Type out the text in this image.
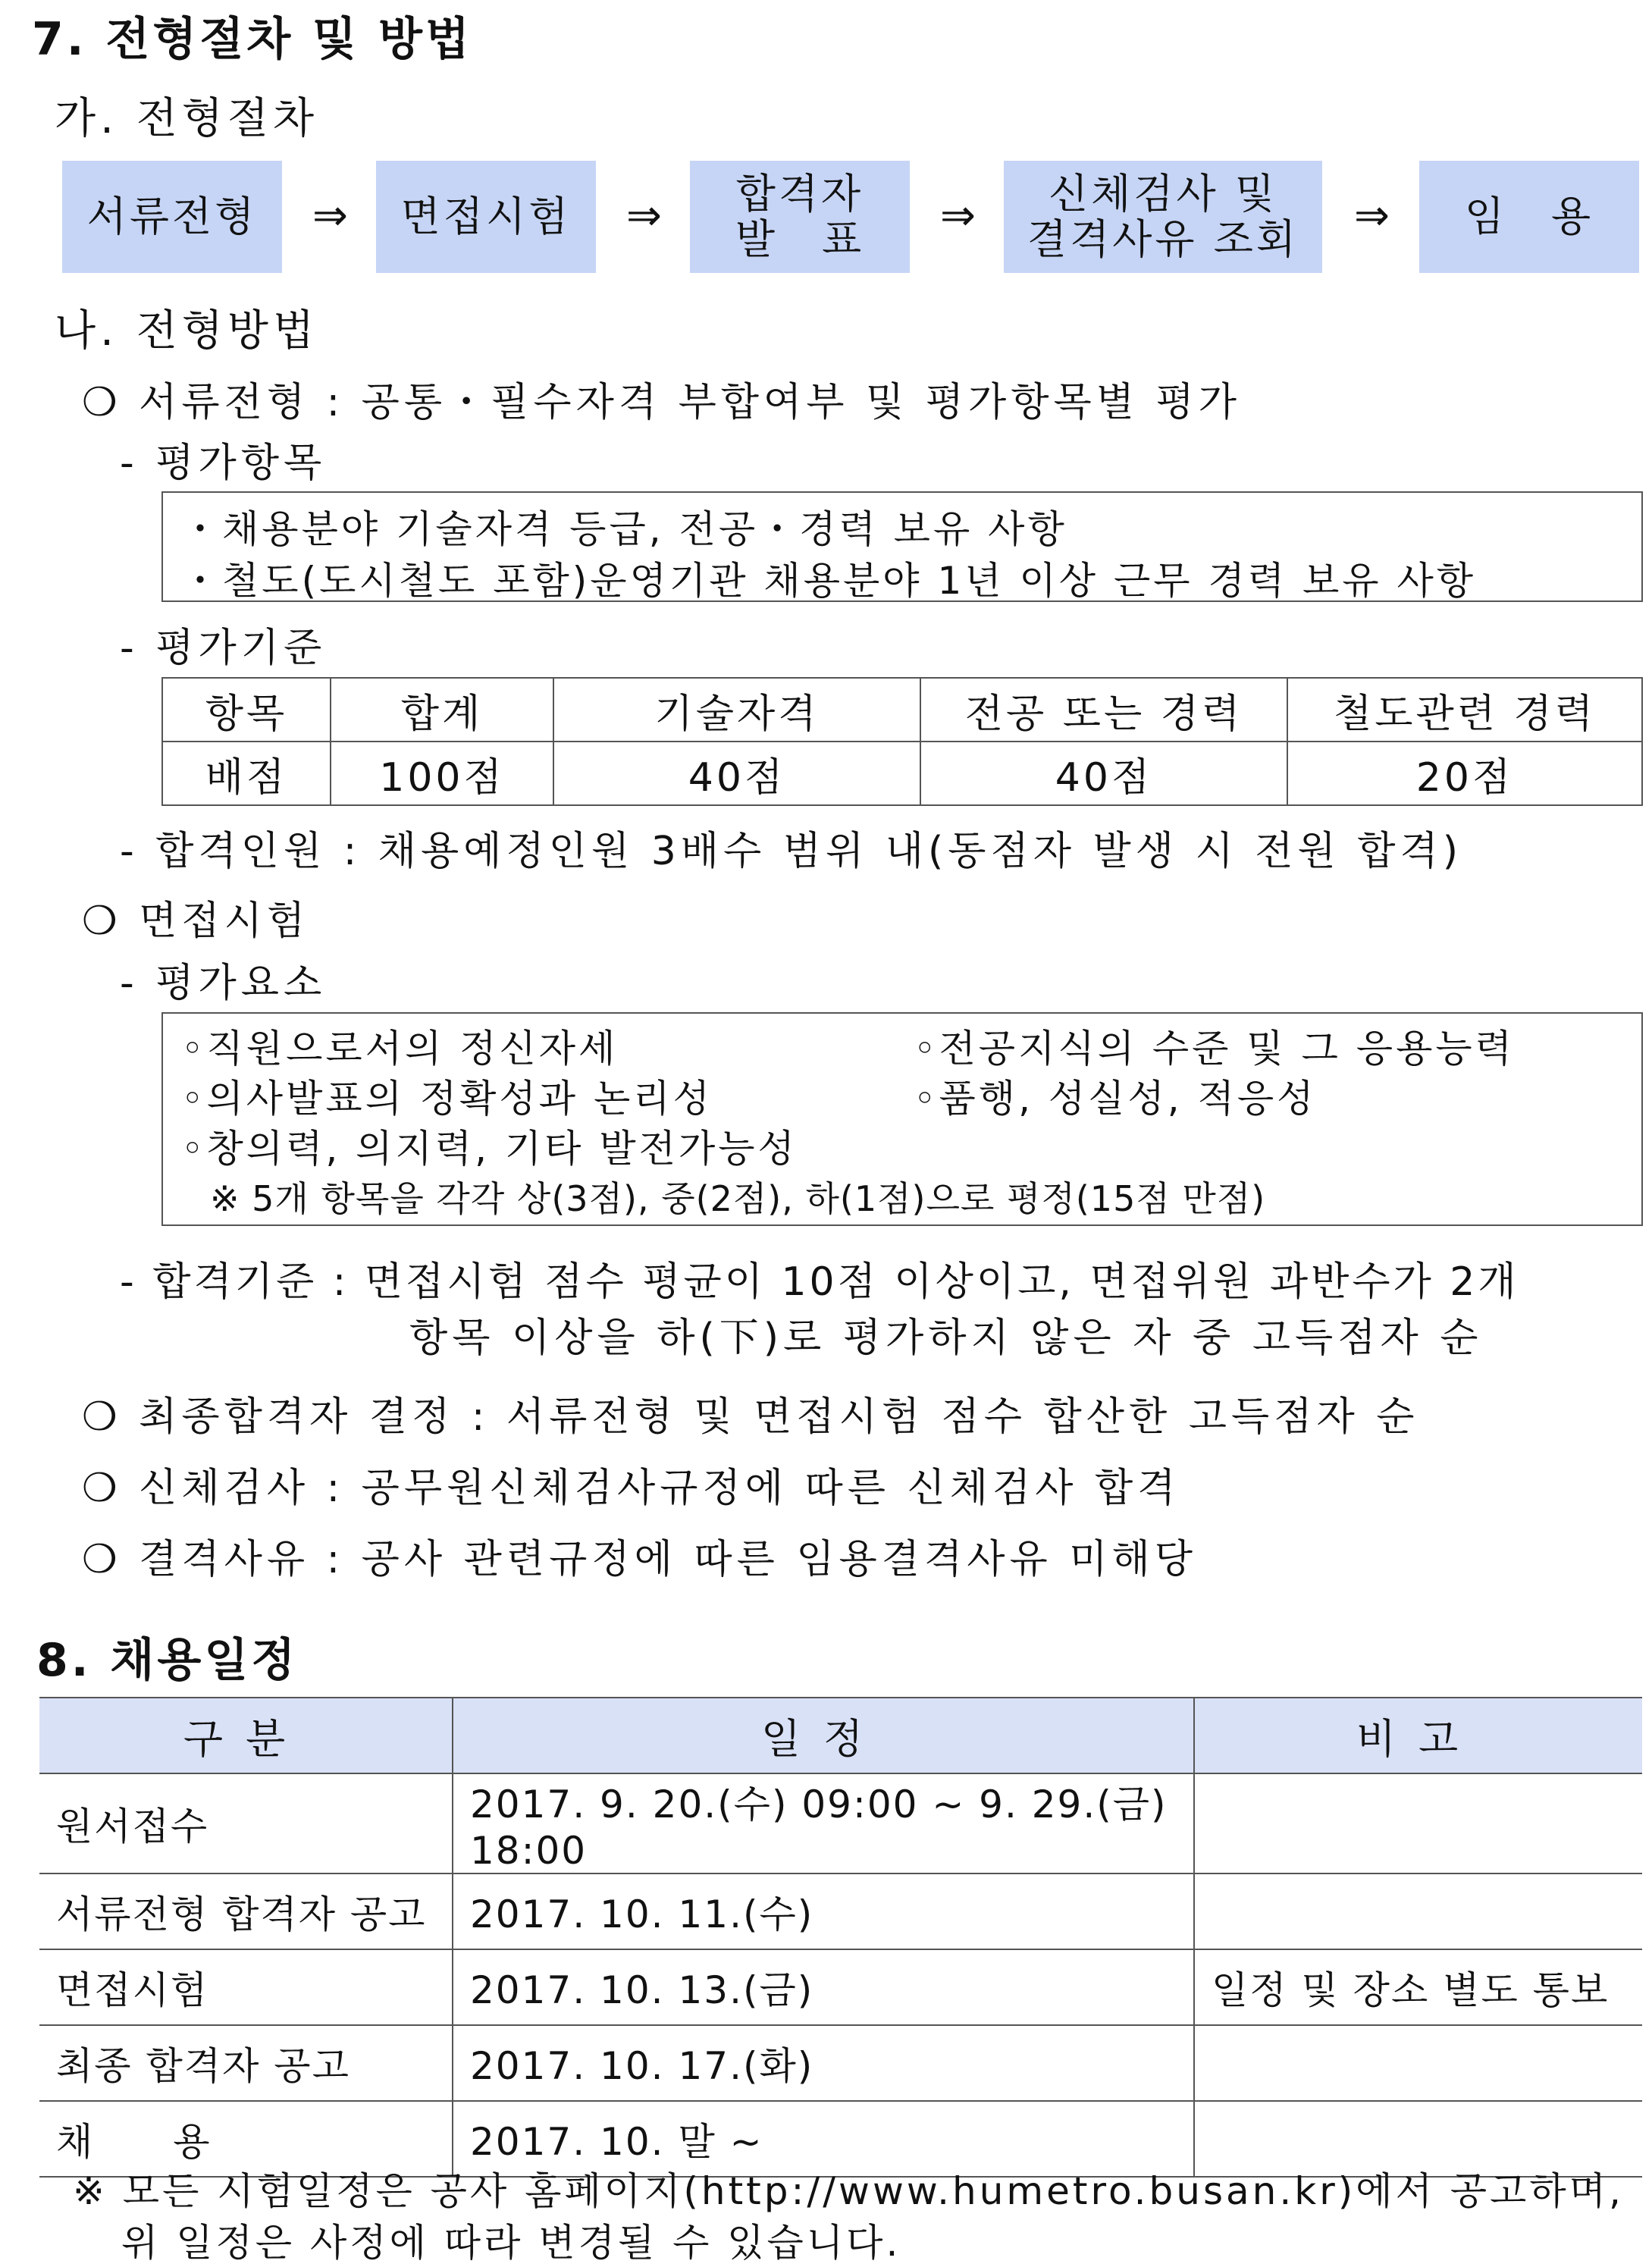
7. 전형절차 및 방법
가. 전형절차
서류전형	⇒	면접시험	⇒	합격자
발　표	⇒	신체검사 및
결격사유 조회	⇒	임　용
나. 전형방법
❍ 서류전형 : 공통・필수자격 부합여부 및 평가항목별 평가
- 평가항목
・채용분야 기술자격 등급, 전공・경력 보유 사항
・철도(도시철도 포함)운영기관 채용분야 1년 이상 근무 경력 보유 사항
- 평가기준
항목	합계	기술자격	전공 또는 경력	철도관련 경력
배점	100점	40점	40점	20점
- 합격인원 : 채용예정인원 3배수 범위 내(동점자 발생 시 전원 합격)
❍ 면접시험
- 평가요소
◦직원으로서의 정신자세
◦의사발표의 정확성과 논리성
◦창의력, 의지력, 기타 발전가능성
◦전공지식의 수준 및 그 응용능력
◦품행, 성실성, 적응성
※ 5개 항목을 각각 상(3점), 중(2점), 하(1점)으로 평정(15점 만점)
- 합격기준 : 면접시험 점수 평균이 10점 이상이고, 면접위원 과반수가 2개
항목 이상을 하(下)로 평가하지 않은 자 중 고득점자 순
❍ 최종합격자 결정 : 서류전형 및 면접시험 점수 합산한 고득점자 순
❍ 신체검사 : 공무원신체검사규정에 따른 신체검사 합격
❍ 결격사유 : 공사 관련규정에 따른 임용결격사유 미해당
8. 채용일정
구분	일정	비고
원서접수	2017. 9. 20.(수) 09:00 ~ 9. 29.(금) 18:00	
서류전형 합격자 공고	2017. 10. 11.(수)	
면접시험	2017. 10. 13.(금)	일정 및 장소 별도 통보
최종 합격자 공고	2017. 10. 17.(화)	
채　　용	2017. 10. 말 ~	
※ 모든 시험일정은 공사 홈페이지(http://www.humetro.busan.kr)에서 공고하며,
위 일정은 사정에 따라 변경될 수 있습니다.
